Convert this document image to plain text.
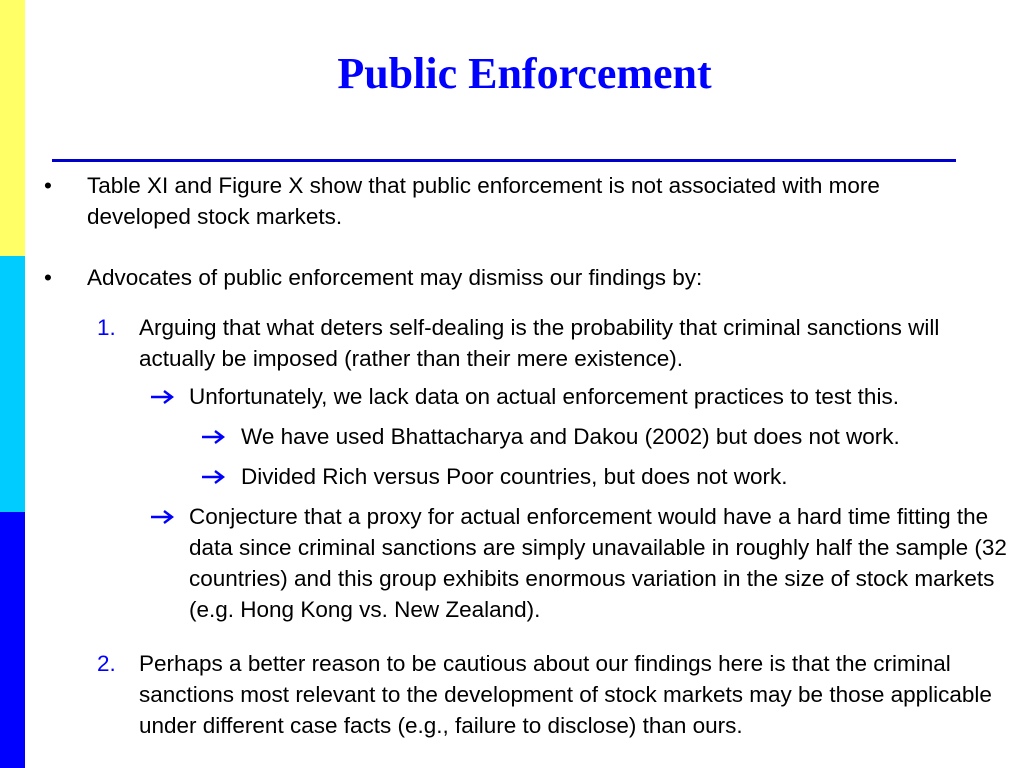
Public Enforcement
• Table XI and Figure X show that public enforcement is not associated with more developed stock markets.
• Advocates of public enforcement may dismiss our findings by:
1. Arguing that what deters self-dealing is the probability that criminal sanctions will actually be imposed (rather than their mere existence).
Unfortunately, we lack data on actual enforcement practices to test this.
We have used Bhattacharya and Dakou (2002) but does not work.
Divided Rich versus Poor countries, but does not work.
Conjecture that a proxy for actual enforcement would have a hard time fitting the data since criminal sanctions are simply unavailable in roughly half the sample (32 countries) and this group exhibits enormous variation in the size of stock markets (e.g. Hong Kong vs. New Zealand).
2. Perhaps a better reason to be cautious about our findings here is that the criminal sanctions most relevant to the development of stock markets may be those applicable under different case facts (e.g., failure to disclose) than ours.
